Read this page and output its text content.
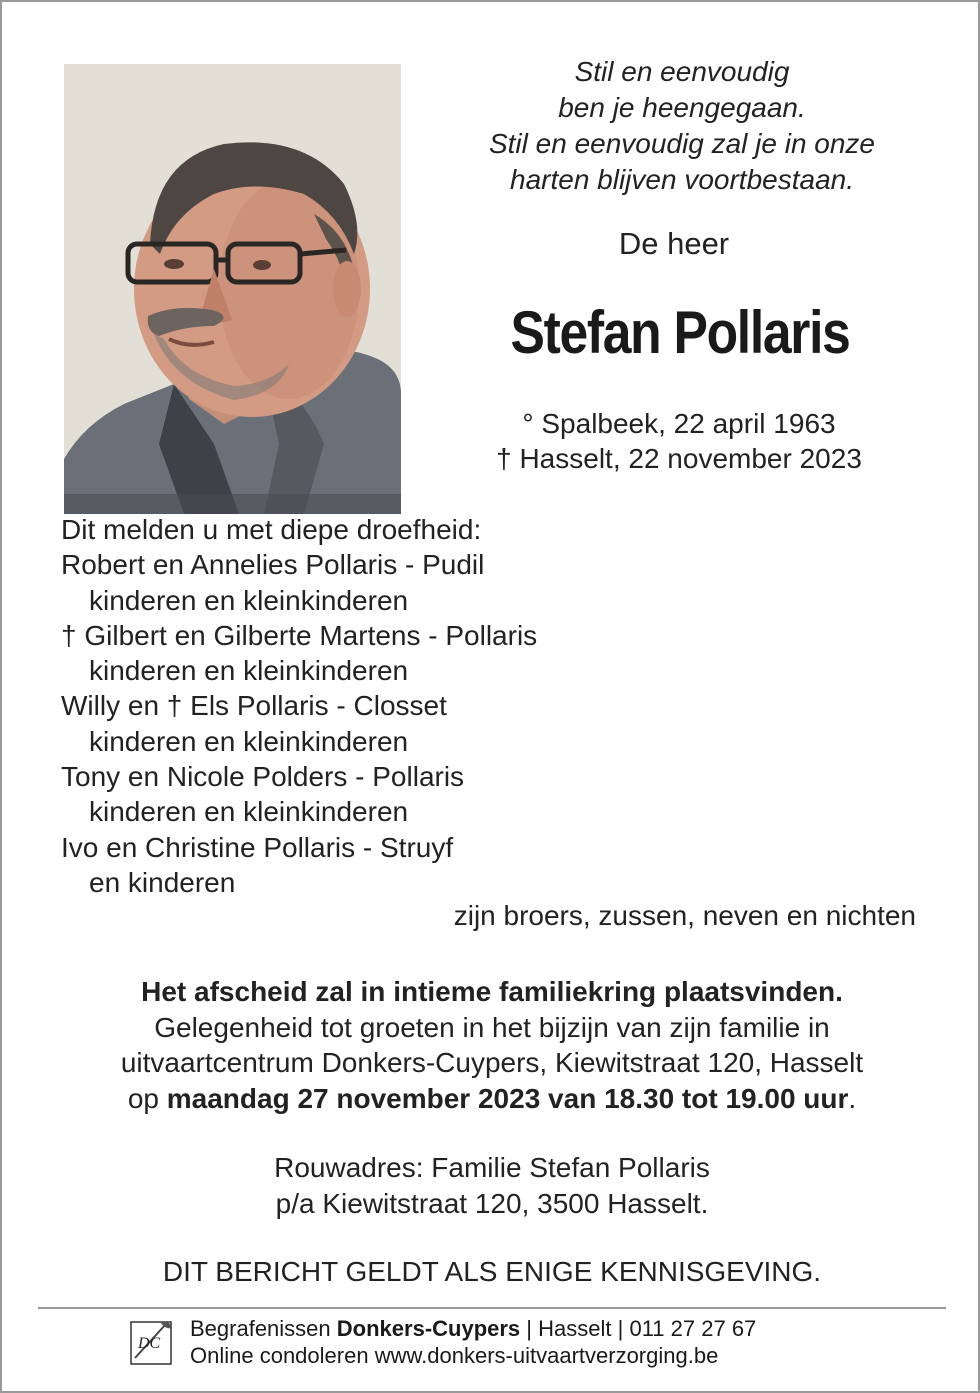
Stil en eenvoudig
ben je heengegaan.
Stil en eenvoudig zal je in onze
harten blijven voortbestaan.
De heer
Stefan Pollaris
° Spalbeek, 22 april 1963
† Hasselt, 22 november 2023
Dit melden u met diepe droefheid:
Robert en Annelies Pollaris - Pudil
kinderen en kleinkinderen
† Gilbert en Gilberte Martens - Pollaris
kinderen en kleinkinderen
Willy en † Els Pollaris - Closset
kinderen en kleinkinderen
Tony en Nicole Polders - Pollaris
kinderen en kleinkinderen
Ivo en Christine Pollaris - Struyf
en kinderen
zijn broers, zussen, neven en nichten
Het afscheid zal in intieme familiekring plaatsvinden.
Gelegenheid tot groeten in het bijzijn van zijn familie in
uitvaartcentrum Donkers-Cuypers, Kiewitstraat 120, Hasselt
op maandag 27 november 2023 van 18.30 tot 19.00 uur.
Rouwadres: Familie Stefan Pollaris
p/a Kiewitstraat 120, 3500 Hasselt.
DIT BERICHT GELDT ALS ENIGE KENNISGEVING.
DC
Begrafenissen Donkers-Cuypers | Hasselt | 011 27 27 67
Online condoleren www.donkers-uitvaartverzorging.be
